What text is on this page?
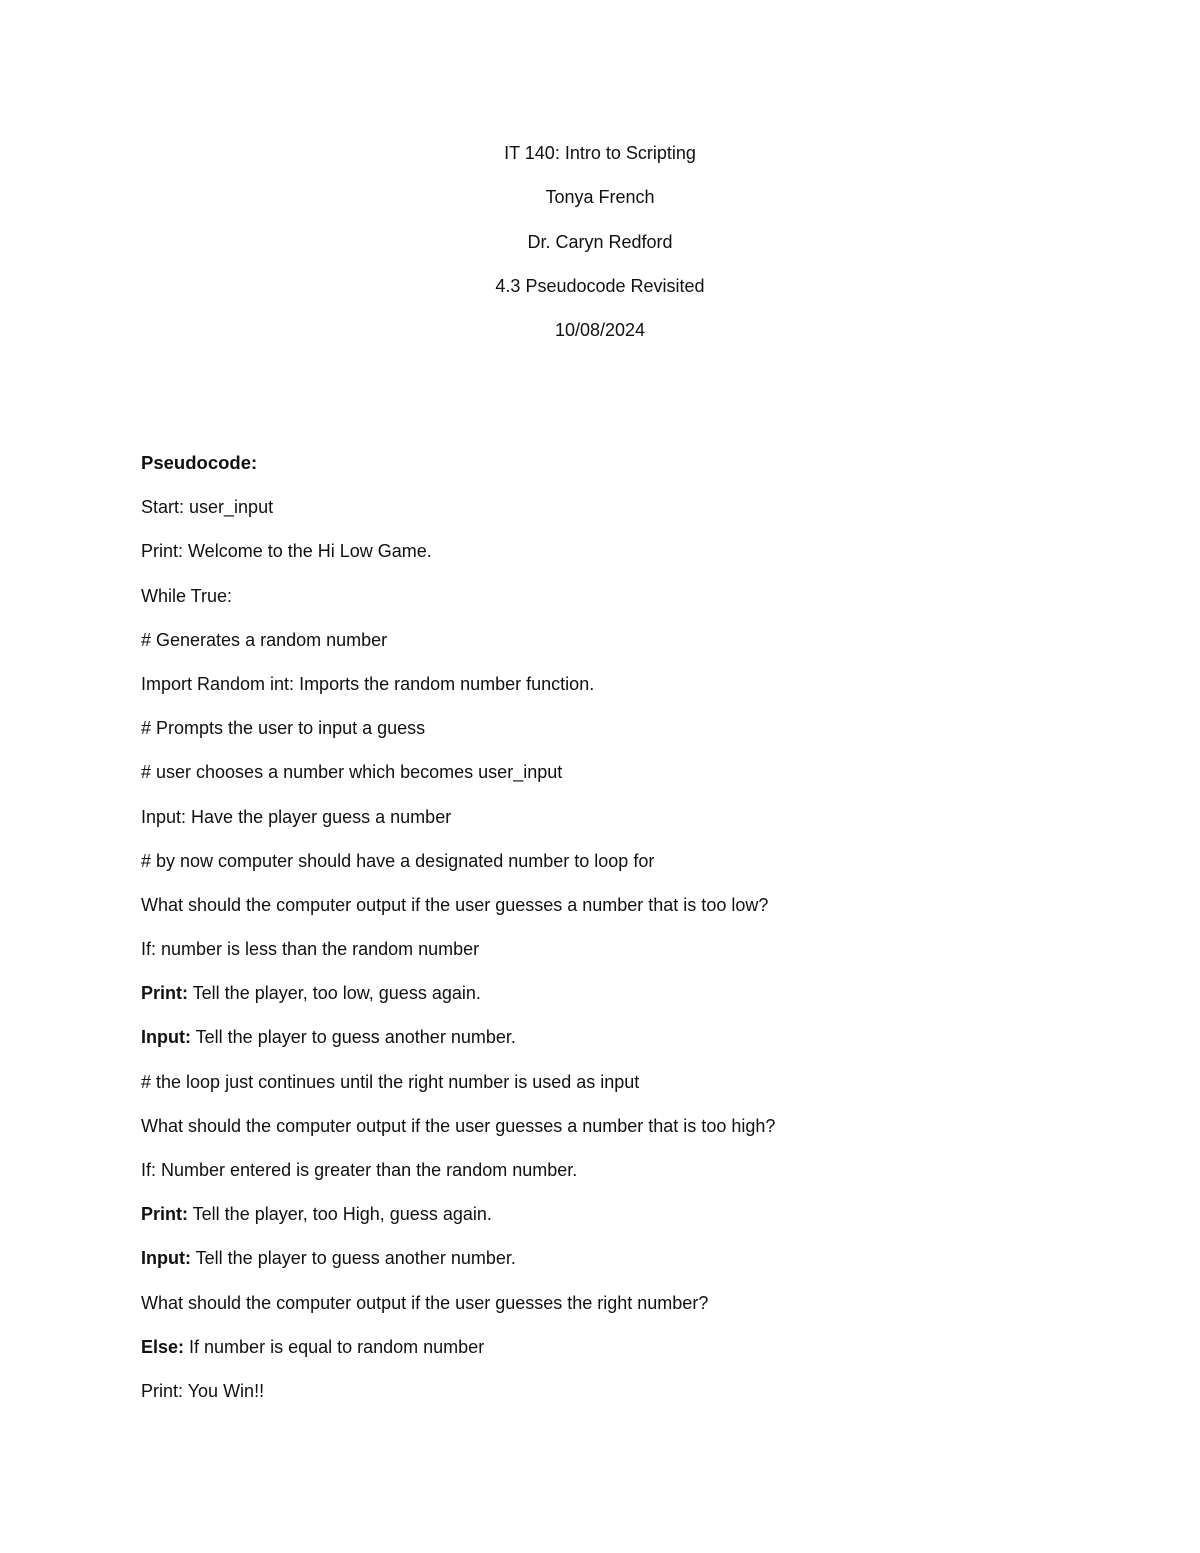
IT 140: Intro to Scripting
Tonya French
Dr. Caryn Redford
4.3 Pseudocode Revisited
10/08/2024
Pseudocode:
Start: user_input
Print: Welcome to the Hi Low Game.
While True:
# Generates a random number
Import Random int: Imports the random number function.
# Prompts the user to input a guess
# user chooses a number which becomes user_input
Input: Have the player guess a number
# by now computer should have a designated number to loop for
What should the computer output if the user guesses a number that is too low?
If: number is less than the random number
Print: Tell the player, too low, guess again.
Input: Tell the player to guess another number.
# the loop just continues until the right number is used as input
What should the computer output if the user guesses a number that is too high?
If: Number entered is greater than the random number.
Print: Tell the player, too High, guess again.
Input: Tell the player to guess another number.
What should the computer output if the user guesses the right number?
Else: If number is equal to random number
Print: You Win!!
